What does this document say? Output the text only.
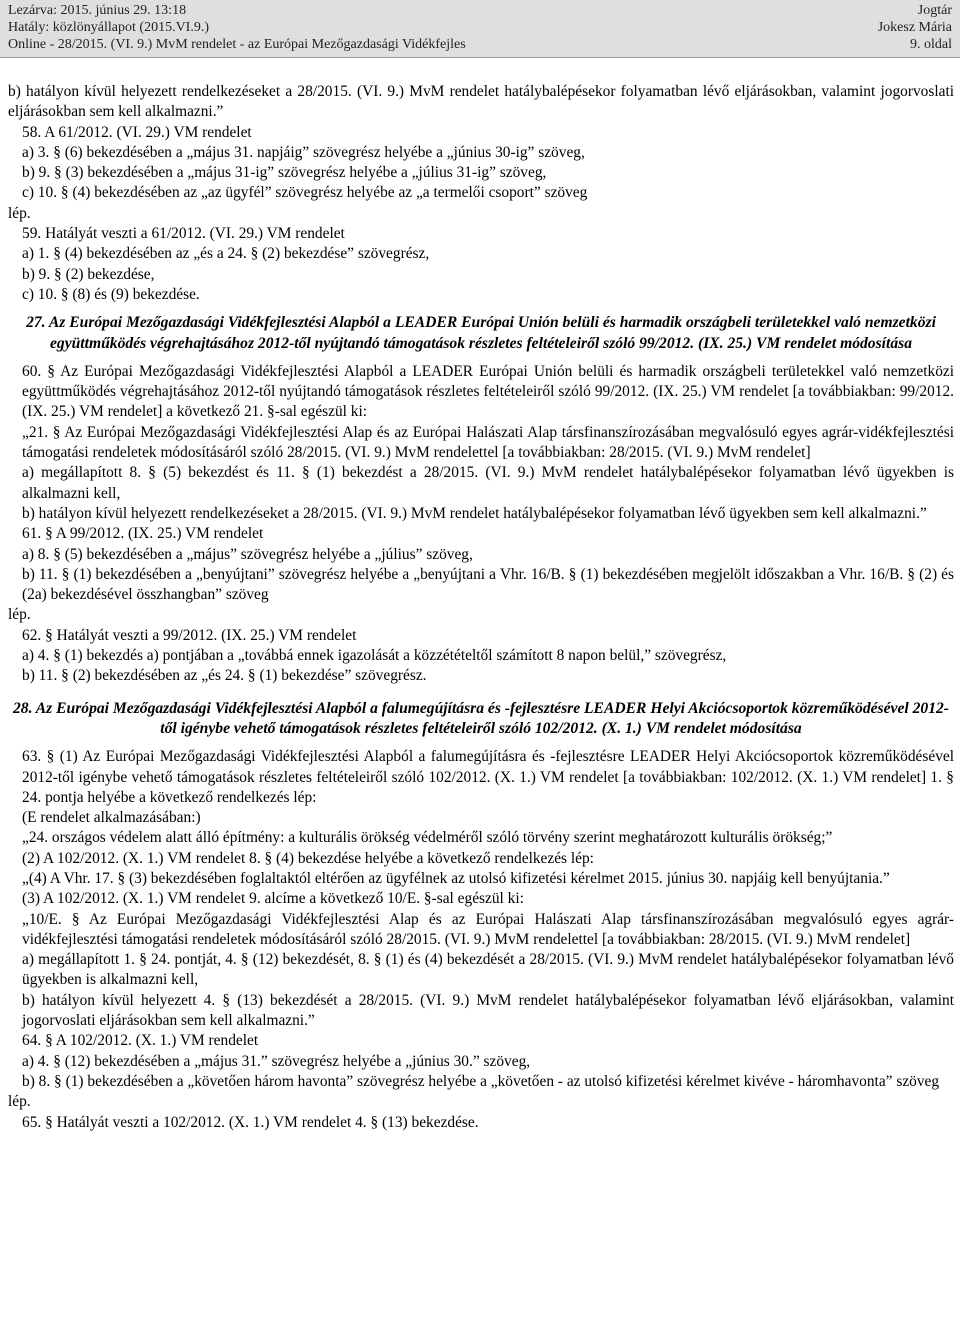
Lezárva: 2015. június 29. 13:18
Hatály: közlönyállapot (2015.VI.9.)
Online - 28/2015. (VI. 9.) MvM rendelet - az Európai Mezőgazdasági Vidékfejles
Jogtár
Jokesz Mária
9. oldal

b) hatályon kívül helyezett rendelkezéseket a 28/2015. (VI. 9.) MvM rendelet hatálybalépésekor folyamatban lévő eljárásokban, valamint jogorvoslati eljárásokban sem kell alkalmazni.”

58. A 61/2012. (VI. 29.) VM rendelet

a) 3. § (6) bekezdésében a „május 31. napjáig” szövegrész helyébe a „június 30-ig” szöveg,

b) 9. § (3) bekezdésében a „május 31-ig” szövegrész helyébe a „július 31-ig” szöveg,

c) 10. § (4) bekezdésében az „az ügyfél” szövegrész helyébe az „a termelői csoport” szöveg

lép.

59. Hatályát veszti a 61/2012. (VI. 29.) VM rendelet

a) 1. § (4) bekezdésében az „és a 24. § (2) bekezdése” szövegrész,

b) 9. § (2) bekezdése,

c) 10. § (8) és (9) bekezdése.

27. Az Európai Mezőgazdasági Vidékfejlesztési Alapból a LEADER Európai Unión belüli és harmadik országbeli területekkel való nemzetközi együttműködés végrehajtásához 2012-től nyújtandó támogatások részletes feltételeiről szóló 99/2012. (IX. 25.) VM rendelet módosítása

60. § Az Európai Mezőgazdasági Vidékfejlesztési Alapból a LEADER Európai Unión belüli és harmadik országbeli területekkel való nemzetközi együttműködés végrehajtásához 2012-től nyújtandó támogatások részletes feltételeiről szóló 99/2012. (IX. 25.) VM rendelet [a továbbiakban: 99/2012. (IX. 25.) VM rendelet] a következő 21. §-sal egészül ki:

„21. § Az Európai Mezőgazdasági Vidékfejlesztési Alap és az Európai Halászati Alap társfinanszírozásában megvalósuló egyes agrár-vidékfejlesztési támogatási rendeletek módosításáról szóló 28/2015. (VI. 9.) MvM rendelettel [a továbbiakban: 28/2015. (VI. 9.) MvM rendelet]

a) megállapított 8. § (5) bekezdést és 11. § (1) bekezdést a 28/2015. (VI. 9.) MvM rendelet hatálybalépésekor folyamatban lévő ügyekben is alkalmazni kell,

b) hatályon kívül helyezett rendelkezéseket a 28/2015. (VI. 9.) MvM rendelet hatálybalépésekor folyamatban lévő ügyekben sem kell alkalmazni.”

61. § A 99/2012. (IX. 25.) VM rendelet

a) 8. § (5) bekezdésében a „május” szövegrész helyébe a „július” szöveg,

b) 11. § (1) bekezdésében a „benyújtani” szövegrész helyébe a „benyújtani a Vhr. 16/B. § (1) bekezdésében megjelölt időszakban a Vhr. 16/B. § (2) és (2a) bekezdésével összhangban” szöveg

lép.

62. § Hatályát veszti a 99/2012. (IX. 25.) VM rendelet

a) 4. § (1) bekezdés a) pontjában a „továbbá ennek igazolását a közzétételtől számított 8 napon belül,” szövegrész,

b) 11. § (2) bekezdésében az „és 24. § (1) bekezdése” szövegrész.

28. Az Európai Mezőgazdasági Vidékfejlesztési Alapból a falumegújításra és -fejlesztésre LEADER Helyi Akciócsoportok közreműködésével 2012-től igénybe vehető támogatások részletes feltételeiről szóló 102/2012. (X. 1.) VM rendelet módosítása

63. § (1) Az Európai Mezőgazdasági Vidékfejlesztési Alapból a falumegújításra és -fejlesztésre LEADER Helyi Akciócsoportok közreműködésével 2012-től igénybe vehető támogatások részletes feltételeiről szóló 102/2012. (X. 1.) VM rendelet [a továbbiakban: 102/2012. (X. 1.) VM rendelet] 1. § 24. pontja helyébe a következő rendelkezés lép:

(E rendelet alkalmazásában:)

„24. országos védelem alatt álló építmény: a kulturális örökség védelméről szóló törvény szerint meghatározott kulturális örökség;”

(2) A 102/2012. (X. 1.) VM rendelet 8. § (4) bekezdése helyébe a következő rendelkezés lép:

„(4) A Vhr. 17. § (3) bekezdésében foglaltaktól eltérően az ügyfélnek az utolsó kifizetési kérelmet 2015. június 30. napjáig kell benyújtania.”

(3) A 102/2012. (X. 1.) VM rendelet 9. alcíme a következő 10/E. §-sal egészül ki:

„10/E. § Az Európai Mezőgazdasági Vidékfejlesztési Alap és az Európai Halászati Alap társfinanszírozásában megvalósuló egyes agrár-vidékfejlesztési támogatási rendeletek módosításáról szóló 28/2015. (VI. 9.) MvM rendelettel [a továbbiakban: 28/2015. (VI. 9.) MvM rendelet]

a) megállapított 1. § 24. pontját, 4. § (12) bekezdését, 8. § (1) és (4) bekezdését a 28/2015. (VI. 9.) MvM rendelet hatálybalépésekor folyamatban lévő ügyekben is alkalmazni kell,

b) hatályon kívül helyezett 4. § (13) bekezdését a 28/2015. (VI. 9.) MvM rendelet hatálybalépésekor folyamatban lévő eljárásokban, valamint jogorvoslati eljárásokban sem kell alkalmazni.”

64. § A 102/2012. (X. 1.) VM rendelet

a) 4. § (12) bekezdésében a „május 31.” szövegrész helyébe a „június 30.” szöveg,

b) 8. § (1) bekezdésében a „követően három havonta” szövegrész helyébe a „követően - az utolsó kifizetési kérelmet kivéve - háromhavonta” szöveg

lép.

65. § Hatályát veszti a 102/2012. (X. 1.) VM rendelet 4. § (13) bekezdése.
